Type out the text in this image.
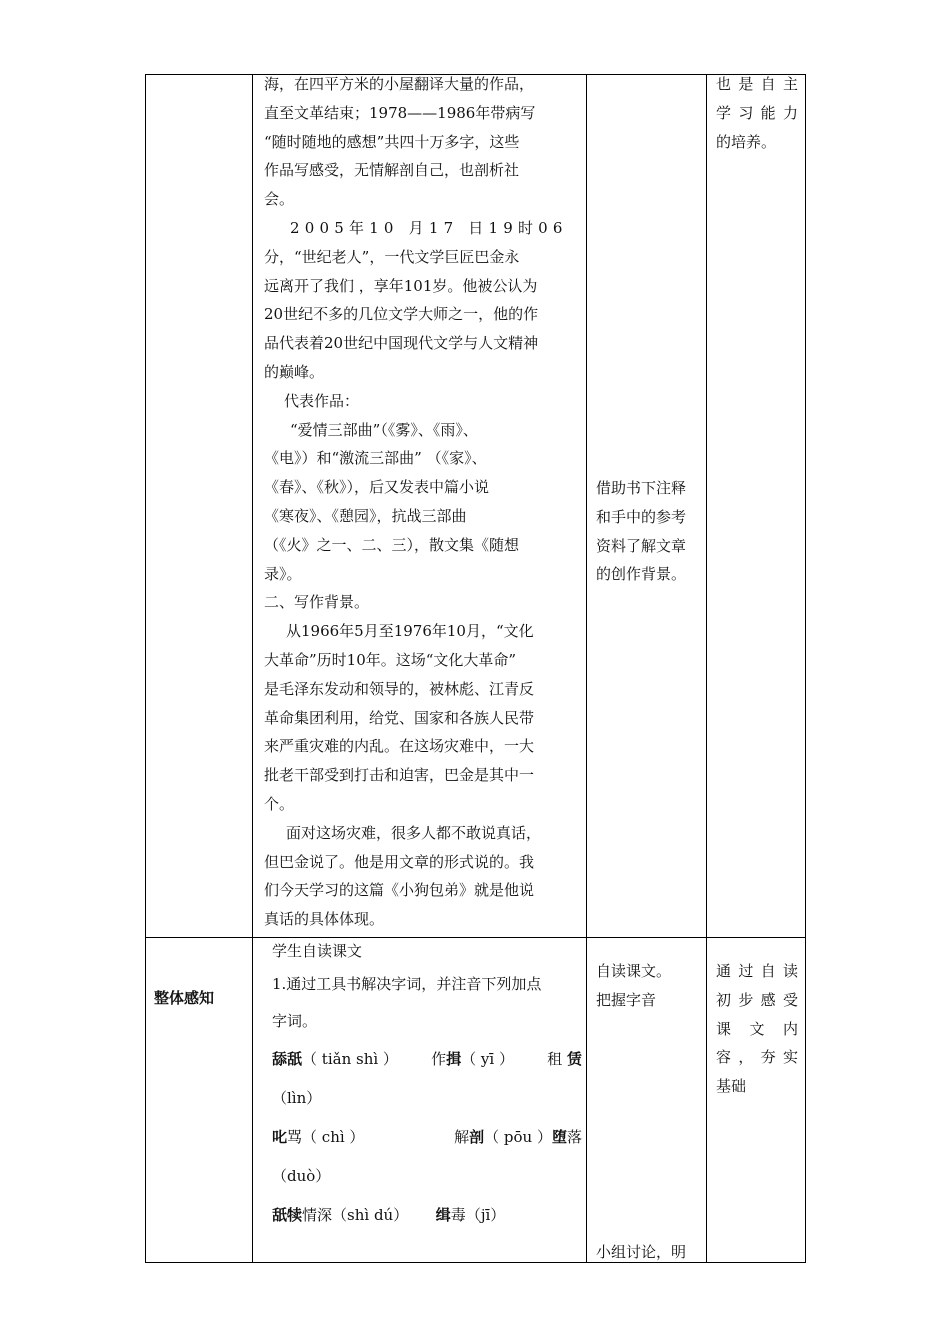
海，在四平方米的小屋翻译大量的作品，
直至文革结束；1978——1986年带病写
“随时随地的感想”共四十万多字，这些
作品写感受，无情解剖自己，也剖析社
会。
2005年10 月17 日19时06
分，“世纪老人”，一代文学巨匠巴金永
远离开了我们 ，享年101岁。他被公认为
20世纪不多的几位文学大师之一，他的作
品代表着20世纪中国现代文学与人文精神
的巅峰。
代表作品：
“爱情三部曲”（《雾》、《雨》、
《电》）和“激流三部曲” （《家》、
《春》、《秋》），后又发表中篇小说
《寒夜》、《憩园》，抗战三部曲
（《火》之一、二、三），散文集《随想
录》。
二、写作背景。
从1966年5月至1976年10月，“文化
大革命”历时10年。这场“文化大革命”
是毛泽东发动和领导的，被林彪、江青反
革命集团利用，给党、国家和各族人民带
来严重灾难的内乱。在这场灾难中，一大
批老干部受到打击和迫害，巴金是其中一
个。
面对这场灾难，很多人都不敢说真话，
但巴金说了。他是用文章的形式说的。我
们今天学习的这篇《小狗包弟》就是他说
真话的具体体现。
借助书下注释
和手中的参考
资料了解文章
的创作背景。
也是自主
学习能力
的培养。
整体感知
学生自读课文
1.通过工具书解决字词，并注音下列加点
字词。
舔舐（ tiǎn shì ） 作揖（ yī ） 租 赁
（lìn）
叱骂（ chì ）	解剖（ pōu ）堕落
（duò）
舐犊情深（shì dú） 缉毒（jī）
自读课文。
把握字音
小组讨论，明
通过自读
初步感受
课文内
容，夯实
基础
